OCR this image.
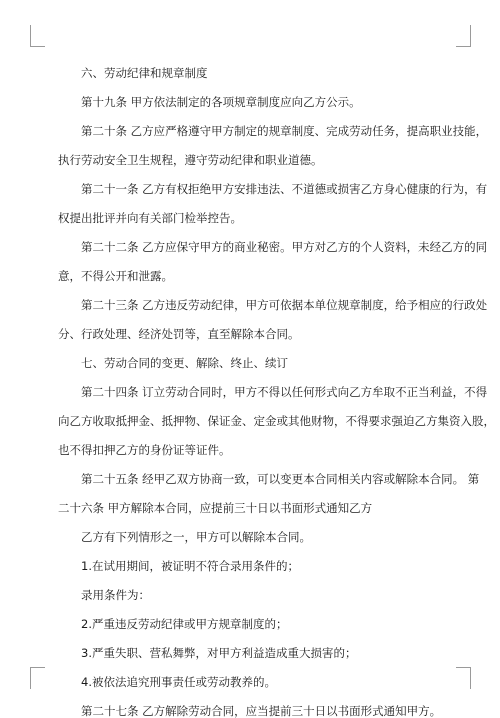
六、劳动纪律和规章制度
第十九条 甲方依法制定的各项规章制度应向乙方公示。
第二十条 乙方应严格遵守甲方制定的规章制度、完成劳动任务，提高职业技能，
执行劳动安全卫生规程，遵守劳动纪律和职业道德。
第二十一条 乙方有权拒绝甲方安排违法、不道德或损害乙方身心健康的行为，有
权提出批评并向有关部门检举控告。
第二十二条 乙方应保守甲方的商业秘密。甲方对乙方的个人资料，未经乙方的同
意，不得公开和泄露。
第二十三条 乙方违反劳动纪律，甲方可依据本单位规章制度，给予相应的行政处
分、行政处理、经济处罚等，直至解除本合同。
七、劳动合同的变更、解除、终止、续订
第二十四条 订立劳动合同时，甲方不得以任何形式向乙方牟取不正当利益，不得
向乙方收取抵押金、抵押物、保证金、定金或其他财物，不得要求强迫乙方集资入股，
也不得扣押乙方的身份证等证件。
第二十五条 经甲乙双方协商一致，可以变更本合同相关内容或解除本合同。 第
二十六条 甲方解除本合同，应提前三十日以书面形式通知乙方
乙方有下列情形之一，甲方可以解除本合同。
1.在试用期间，被证明不符合录用条件的；
录用条件为：
2.严重违反劳动纪律或甲方规章制度的；
3.严重失职、营私舞弊，对甲方利益造成重大损害的；
4.被依法追究刑事责任或劳动教养的。
第二十七条 乙方解除劳动合同，应当提前三十日以书面形式通知甲方。
